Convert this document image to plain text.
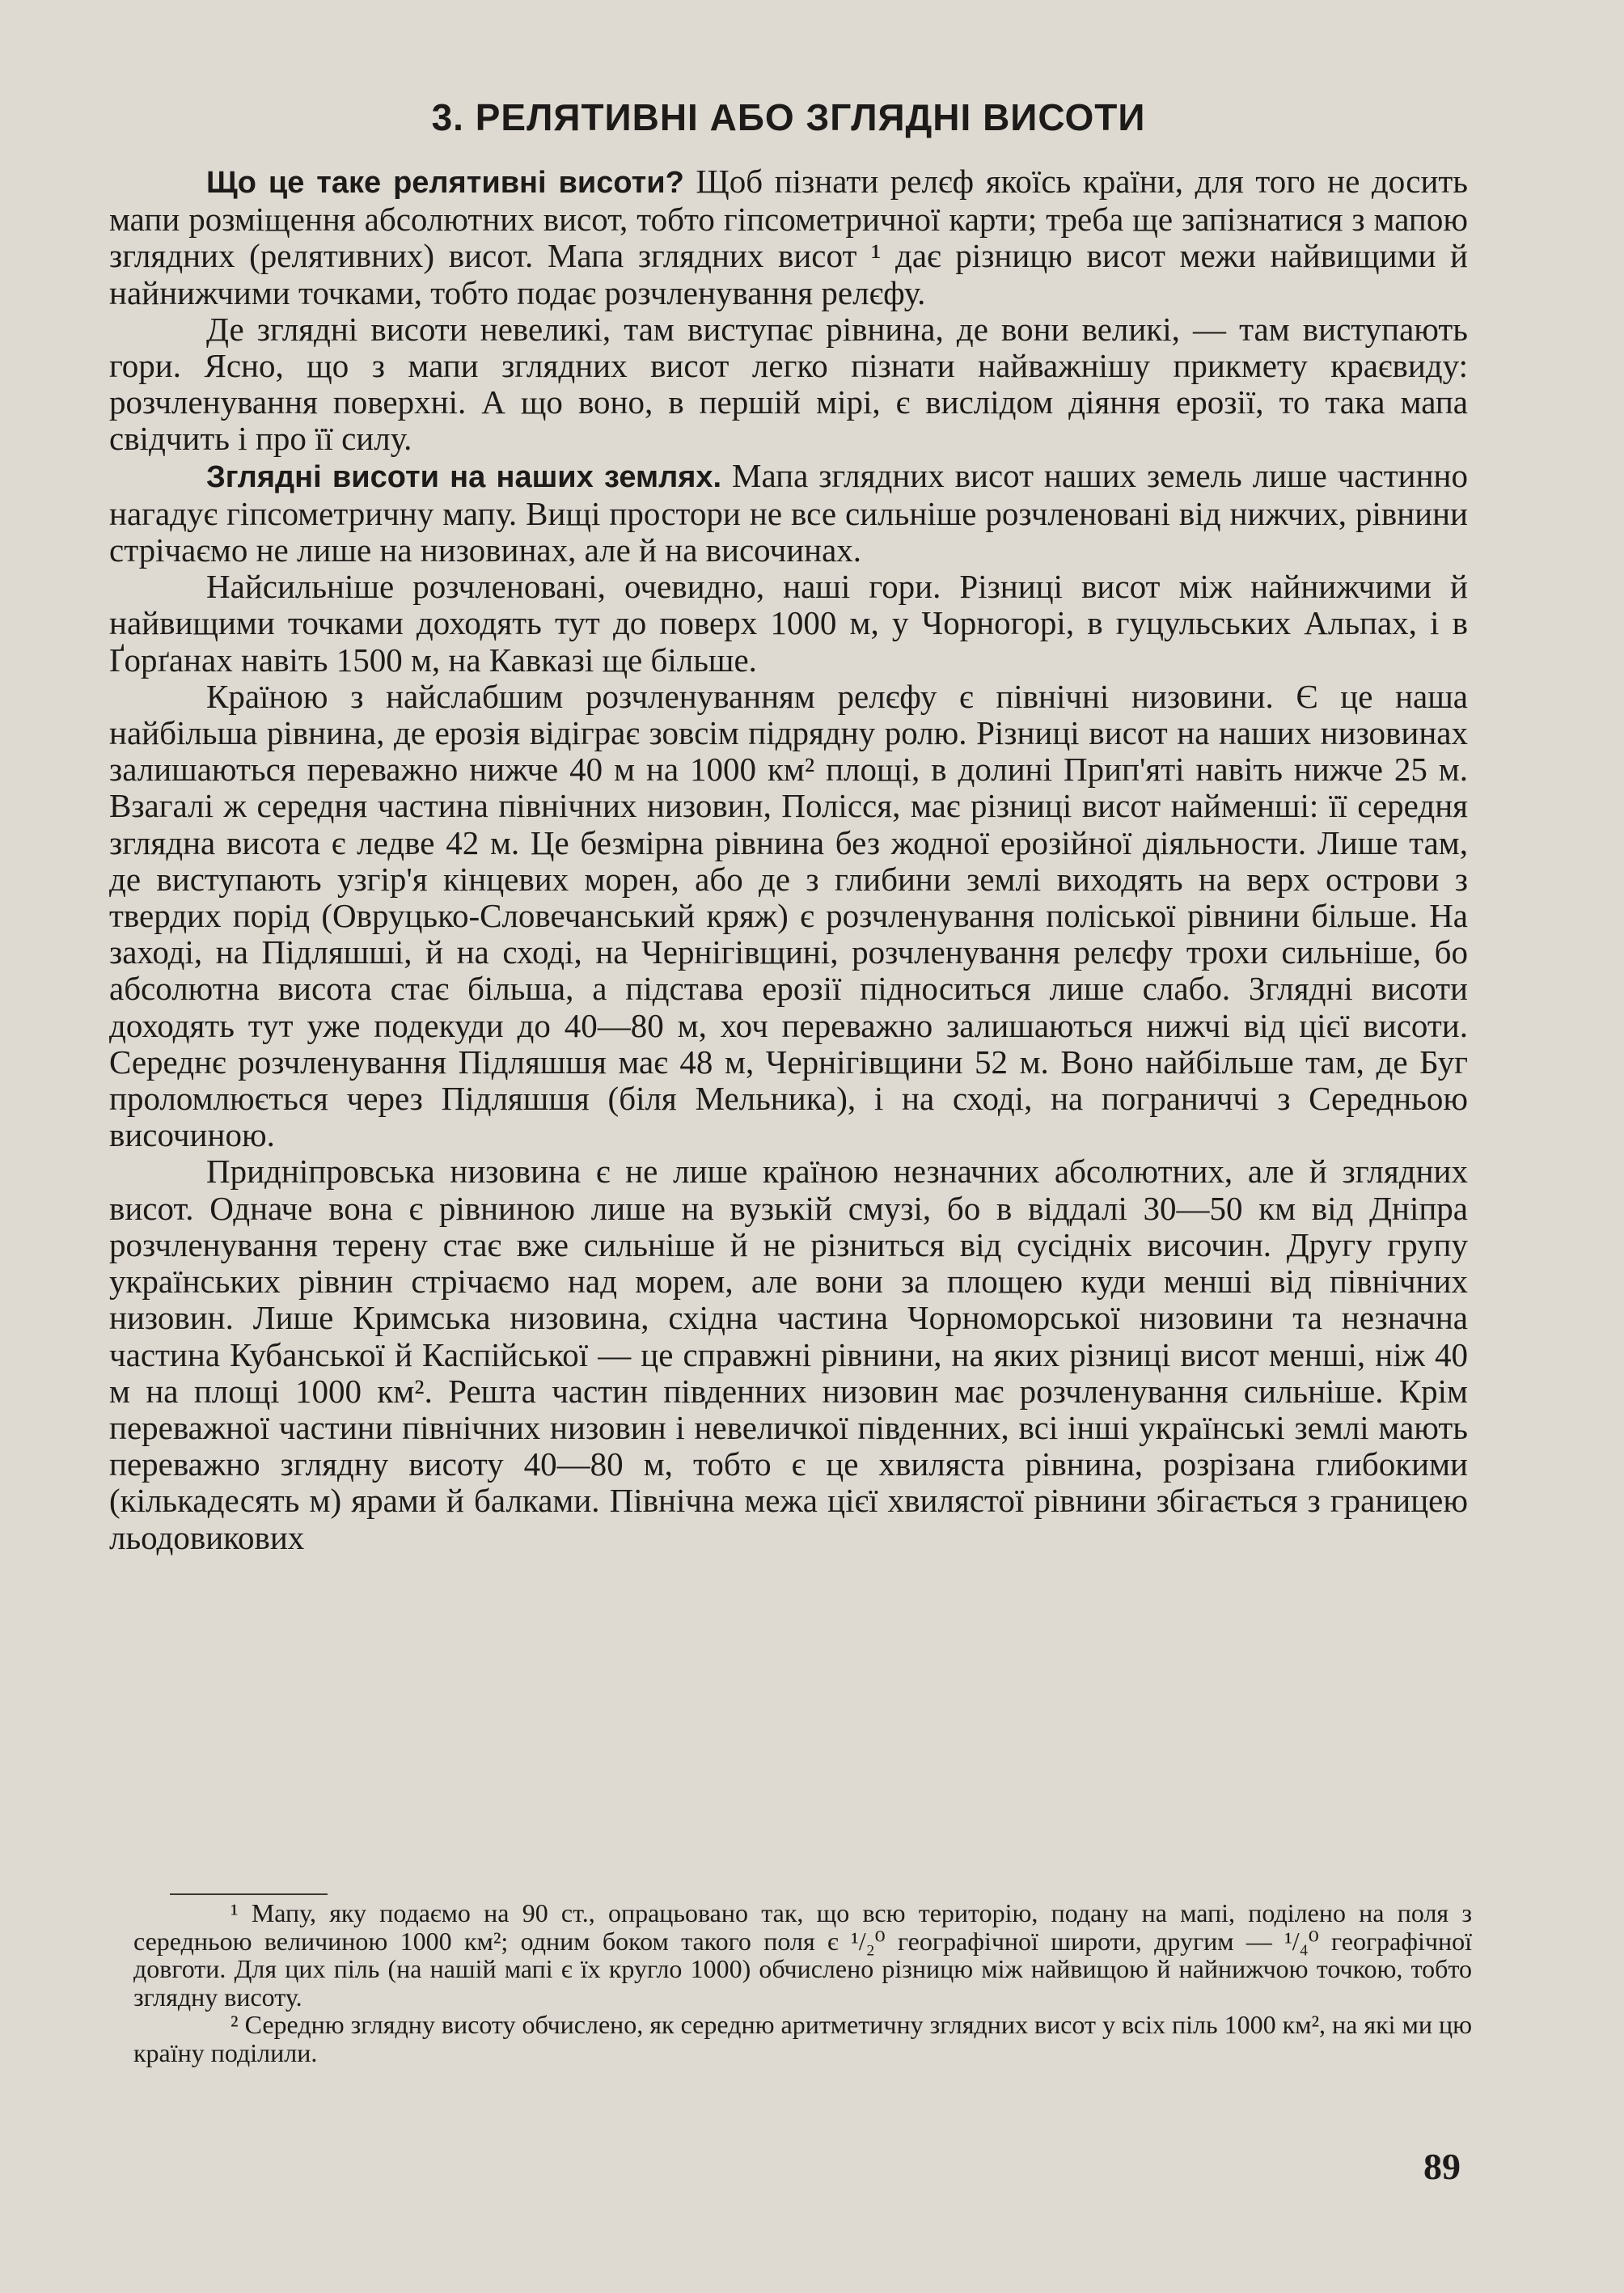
3. РЕЛЯТИВНІ АБО ЗГЛЯДНІ ВИСОТИ

Що це таке релятивні висоти? Щоб пізнати релєф якоїсь країни, для того не досить мапи розміщення абсолютних висот, тобто гіпсометричної карти; треба ще запізнатися з мапою зглядних (релятивних) висот. Мапа зглядних висот ¹ дає різницю висот межи найвищими й найнижчими точками, тобто подає розчленування релєфу.

Де зглядні висоти невеликі, там виступає рівнина, де вони великі, — там виступають гори. Ясно, що з мапи зглядних висот легко пізнати найважнішу прикмету краєвиду: розчленування поверхні. А що воно, в першій мірі, є вислідом діяння ерозії, то така мапа свідчить і про її силу.

Зглядні висоти на наших землях. Мапа зглядних висот наших земель лише частинно нагадує гіпсометричну мапу. Вищі простори не все сильніше розчленовані від нижчих, рівнини стрічаємо не лише на низовинах, але й на височинах.

Найсильніше розчленовані, очевидно, наші гори. Різниці висот між найнижчими й найвищими точками доходять тут до поверх 1000 м, у Чорногорі, в гуцульських Альпах, і в Ґорґанах навіть 1500 м, на Кавказі ще більше.

Країною з найслабшим розчленуванням релєфу є північні низовини. Є це наша найбільша рівнина, де ерозія відіграє зовсім підрядну ролю. Різниці висот на наших низовинах залишаються переважно нижче 40 м на 1000 км² площі, в долині Прип'яті навіть нижче 25 м. Взагалі ж середня частина північних низовин, Полісся, має різниці висот найменші: її середня зглядна висота є ледве 42 м. Це безмірна рівнина без жодної ерозійної діяльности. Лише там, де виступають узгір'я кінцевих морен, або де з глибини землі виходять на верх острови з твердих порід (Овруцько-Словечанський кряж) є розчленування поліської рівнини більше. На заході, на Підляшші, й на сході, на Чернігівщині, розчленування релєфу трохи сильніше, бо абсолютна висота стає більша, а підстава ерозії підноситься лише слабо. Зглядні висоти доходять тут уже подекуди до 40—80 м, хоч переважно залишаються нижчі від цієї висоти. Середнє розчленування Підляшшя має 48 м, Чернігівщини 52 м. Воно найбільше там, де Буг проломлюється через Підляшшя (біля Мельника), і на сході, на пограниччі з Середньою височиною.

Придніпровська низовина є не лише країною незначних абсолютних, але й зглядних висот. Одначе вона є рівниною лише на вузькій смузі, бо в віддалі 30—50 км від Дніпра розчленування терену стає вже сильніше й не різниться від сусідніх височин. Другу групу українських рівнин стрічаємо над морем, але вони за площею куди менші від північних низовин. Лише Кримська низовина, східна частина Чорноморської низовини та незначна частина Кубанської й Каспійської — це справжні рівнини, на яких різниці висот менші, ніж 40 м на площі 1000 км². Решта частин південних низовин має розчленування сильніше. Крім переважної частини північних низовин і невеличкої південних, всі інші українські землі мають переважно зглядну висоту 40—80 м, тобто є це хвиляста рівнина, розрізана глибокими (кількадесять м) ярами й балками. Північна межа цієї хвилястої рівнини збігається з границею льодовикових

¹ Мапу, яку подаємо на 90 ст., опрацьовано так, що всю територію, подану на мапі, поділено на поля з середньою величиною 1000 км²; одним боком такого поля є ¹/₂⁰ географічної широти, другим — ¹/₄⁰ географічної довготи. Для цих піль (на нашій мапі є їх кругло 1000) обчислено різницю між найвищою й найнижчою точкою, тобто зглядну висоту.

² Середню зглядну висоту обчислено, як середню аритметичну зглядних висот у всіх піль 1000 км², на які ми цю країну поділили.

89
